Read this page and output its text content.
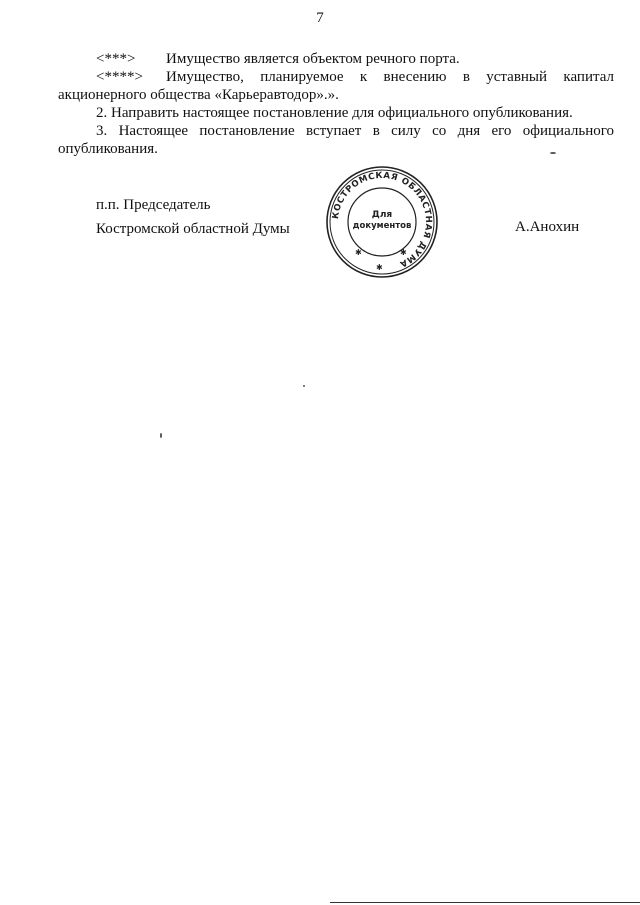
7
<***>	Имущество является объектом речного порта.
<****>	Имущество, планируемое к внесению в уставный капитал
акционерного общества «Карьеравтодор».».
2. Направить настоящее постановление для официального опубликования.
3. Настоящее постановление вступает в силу со дня его официального опубликования.
п.п. Председатель
Костромской областной Думы	А.Анохин
КОСТРОМСКАЯ ОБЛАСТНАЯ ДУМА
Для
документов
✱
✱
✱
